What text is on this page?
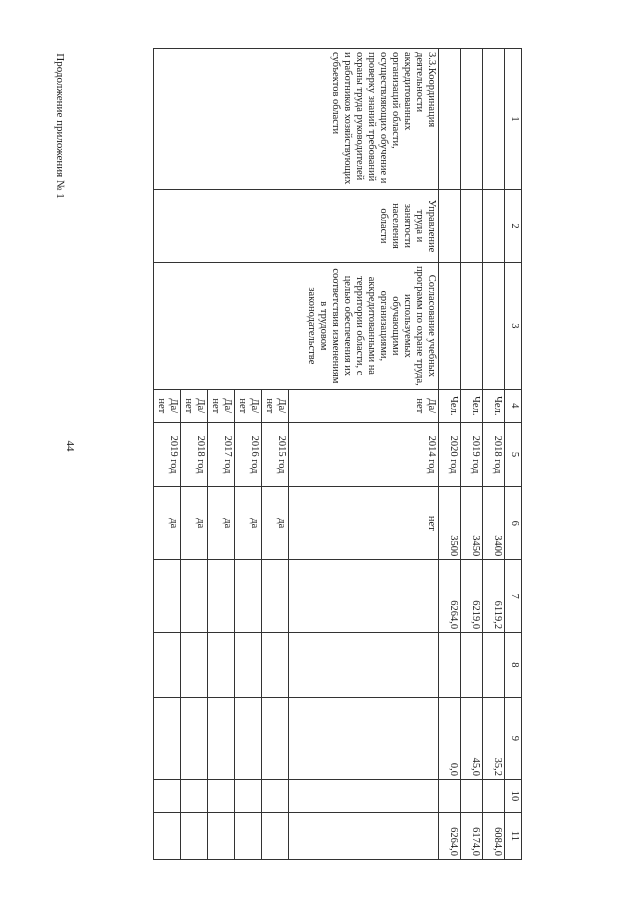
44
Продолжение приложения № 1	1	2	3	4	5	6	7	8	9	10	11
			Чел.	2018 год	3400	6119,2		35,2		6084,0
			Чел.	2019 год	3450	6219,0		45,0		6174,0
			Чел.	2020 год	3500	6264,0		0,0		6264,0
3.3.Координация деятельности аккредитованных организаций области, осуществляющих обучение и проверку знаний требований охраны труда руководителей и работников хозяйствующих субъектов области	Управление труда и занятости населения области	Согласование учебных программ по охране труда, используемых обучающими организациями, аккредитованными на территории области, с целью обеспечения их соответствия изменениям в трудовом законодательстве	Да/ нет	2014 год	нет					
			Да/ нет	2015 год	да					
			Да/ нет	2016 год	да					
			Да/ нет	2017 год	да					
			Да/ нет	2018 год	да					
			Да/ нет	2019 год	да					
